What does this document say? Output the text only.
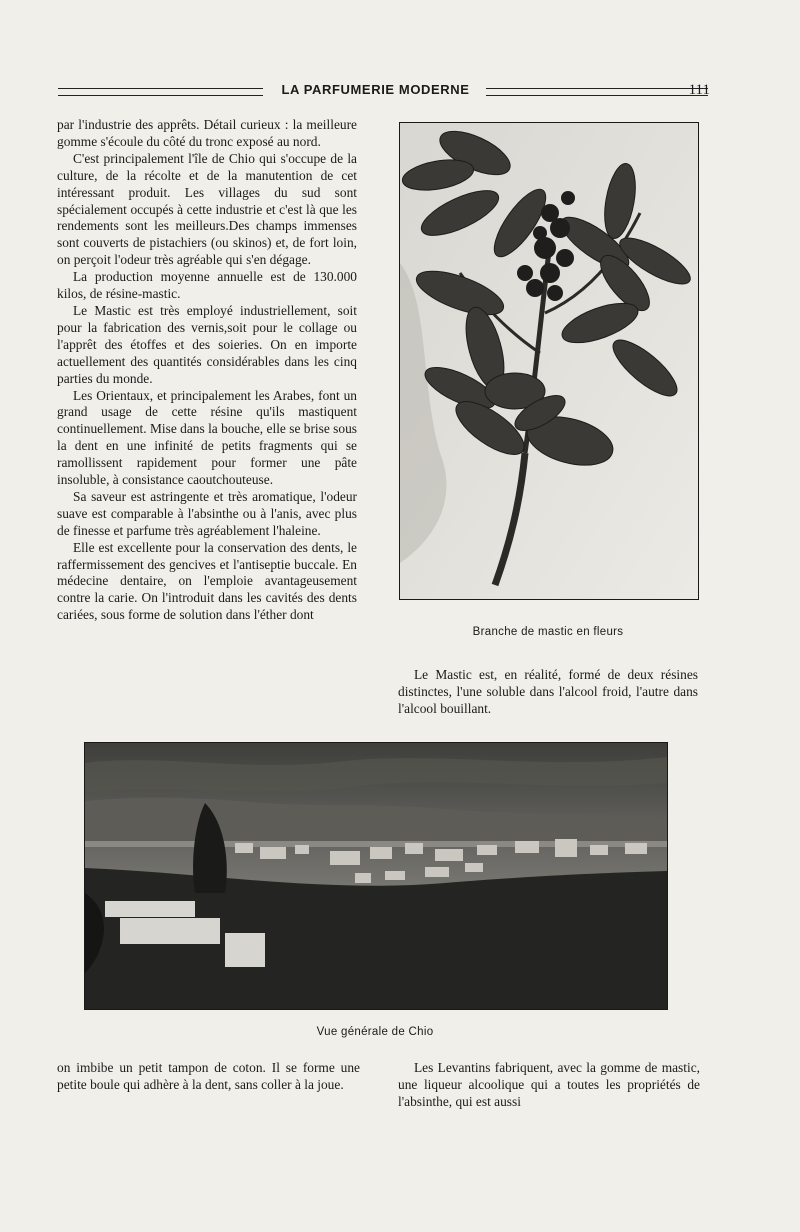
LA PARFUMERIE MODERNE	111

par l'industrie des apprêts. Détail curieux : la meilleure gomme s'écoule du côté du tronc exposé au nord.

C'est principalement l'île de Chio qui s'occupe de la culture, de la récolte et de la manutention de cet intéressant produit. Les villages du sud sont spécialement occupés à cette industrie et c'est là que les rendements sont les meilleurs.Des champs immenses sont couverts de pistachiers (ou skinos) et, de fort loin, on perçoit l'odeur très agréable qui s'en dégage.

La production moyenne annuelle est de 130.000 kilos, de résine-mastic.

Le Mastic est très employé industriellement, soit pour la fabrication des vernis,soit pour le collage ou l'apprêt des étoffes et des soieries. On en importe actuellement des quantités considérables dans les cinq parties du monde.

Les Orientaux, et principalement les Arabes, font un grand usage de cette résine qu'ils mastiquent continuellement. Mise dans la bouche, elle se brise sous la dent en une infinité de petits fragments qui se ramollissent rapidement pour former une pâte insoluble, à consistance caoutchouteuse.

Sa saveur est astringente et très aromatique, l'odeur suave est comparable à l'absinthe ou à l'anis, avec plus de finesse et parfume très agréablement l'haleine.

Elle est excellente pour la conservation des dents, le raffermissement des gencives et l'antiseptie buccale. En médecine dentaire, on l'emploie avantageusement contre la carie. On l'introduit dans les cavités des dents cariées, sous forme de solution dans l'éther dont

Branche de mastic en fleurs

Le Mastic est, en réalité, formé de deux résines distinctes, l'une soluble dans l'alcool froid, l'autre dans l'alcool bouillant.

Vue générale de Chio

on imbibe un petit tampon de coton. Il se forme une petite boule qui adhère à la dent, sans coller à la joue.

Les Levantins fabriquent, avec la gomme de mastic, une liqueur alcoolique qui a toutes les propriétés de l'absinthe, qui est aussi
